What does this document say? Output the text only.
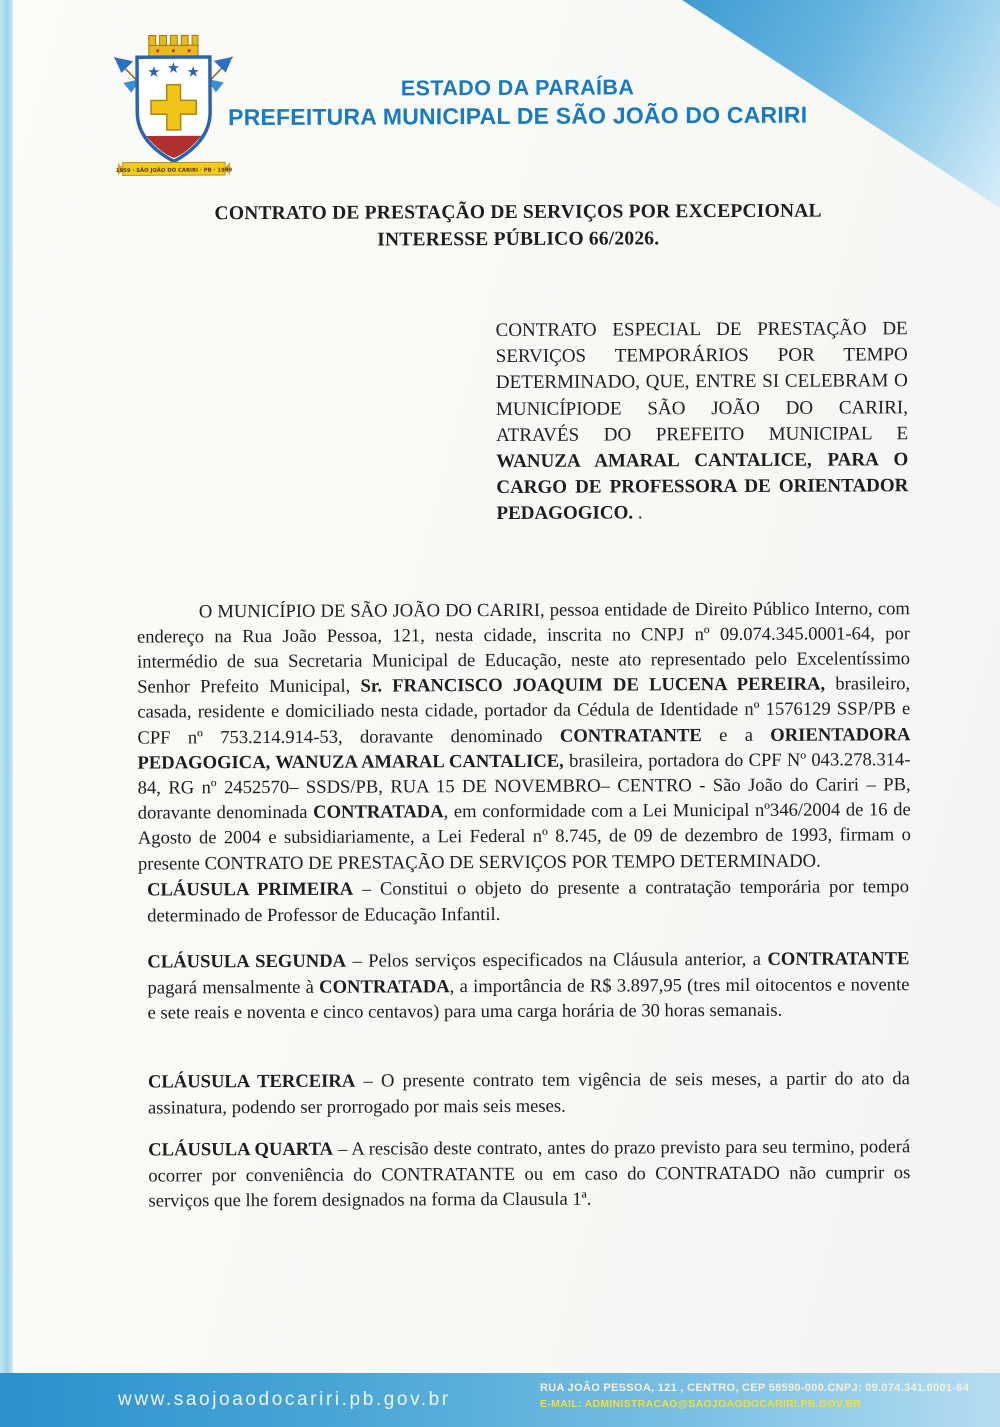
★ ★ ★
1959 · SÃO JOÃO DO CARIRI · PB · 1999
ESTADO DA PARAÍBA
PREFEITURA MUNICIPAL DE SÃO JOÃO DO CARIRI
CONTRATO DE PRESTAÇÃO DE SERVIÇOS POR EXCEPCIONAL INTERESSE PÚBLICO 66/2026.
CONTRATO ESPECIAL DE PRESTAÇÃO DE SERVIÇOS TEMPORÁRIOS POR TEMPO DETERMINADO, QUE, ENTRE SI CELEBRAM O MUNICÍPIODE SÃO JOÃO DO CARIRI, ATRAVÉS DO PREFEITO MUNICIPAL E WANUZA AMARAL CANTALICE, PARA O CARGO DE PROFESSORA DE ORIENTADOR PEDAGOGICO. .

O MUNICÍPIO DE SÃO JOÃO DO CARIRI, pessoa entidade de Direito Público Interno, com endereço na Rua João Pessoa, 121, nesta cidade, inscrita no CNPJ nº 09.074.345.0001-64, por intermédio de sua Secretaria Municipal de Educação, neste ato representado pelo Excelentíssimo Senhor Prefeito Municipal, Sr. FRANCISCO JOAQUIM DE LUCENA PEREIRA, brasileiro, casada, residente e domiciliado nesta cidade, portador da Cédula de Identidade nº 1576129 SSP/PB e CPF nº 753.214.914-53, doravante denominado CONTRATANTE e a ORIENTADORA PEDAGOGICA, WANUZA AMARAL CANTALICE, brasileira, portadora do CPF Nº 043.278.314-84, RG nº 2452570– SSDS/PB, RUA 15 DE NOVEMBRO– CENTRO - São João do Cariri – PB, doravante denominada CONTRATADA, em conformidade com a Lei Municipal nº346/2004 de 16 de Agosto de 2004 e subsidiariamente, a Lei Federal nº 8.745, de 09 de dezembro de 1993, firmam o presente CONTRATO DE PRESTAÇÃO DE SERVIÇOS POR TEMPO DETERMINADO.

CLÁUSULA PRIMEIRA – Constitui o objeto do presente a contratação temporária por tempo determinado de Professor de Educação Infantil.

CLÁUSULA SEGUNDA – Pelos serviços especificados na Cláusula anterior, a CONTRATANTE pagará mensalmente à CONTRATADA, a importância de R$ 3.897,95 (tres mil oitocentos e novente e sete reais e noventa e cinco centavos) para uma carga horária de 30 horas semanais.

CLÁUSULA TERCEIRA – O presente contrato tem vigência de seis meses, a partir do ato da assinatura, podendo ser prorrogado por mais seis meses.

CLÁUSULA QUARTA – A rescisão deste contrato, antes do prazo previsto para seu termino, poderá ocorrer por conveniência do CONTRATANTE ou em caso do CONTRATADO não cumprir os serviços que lhe forem designados na forma da Clausula 1ª.

www.saojoaodocariri.pb.gov.br
RUA JOÃO PESSOA, 121 , CENTRO, CEP 58590-000.CNPJ: 09.074.341.0001-64
E-MAIL: ADMINISTRACAO@SAOJOAODOCARIRI.PB.GOV.BR
